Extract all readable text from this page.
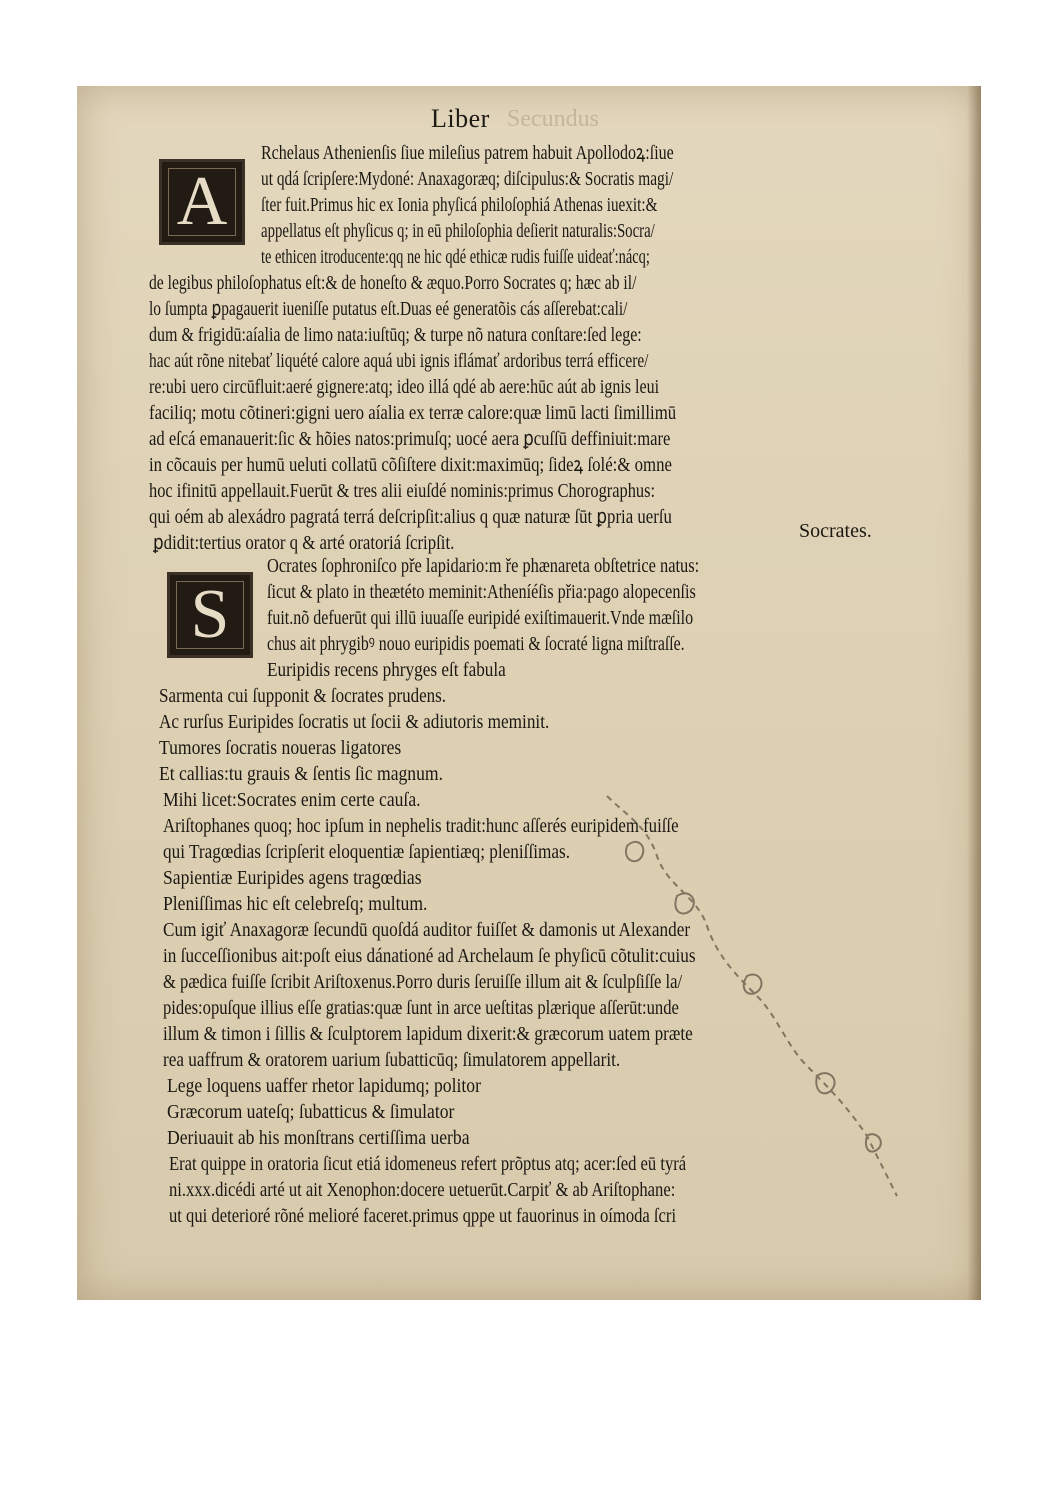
Liber Secundus
A
S
Rchelaus Athenienſis ſiue mileſius patrem habuit Apollodoꝝ:ſiue
ut qdá ſcripſere:Mydoné: Anaxagoræq; diſcipulus:& Socratis magi/
ſter fuit.Primus hic ex Ionia phyſicá philoſophiá Athenas iuexit:&
appellatus eſt phyſicus q; in eū philoſophia deſierit naturalis:Socra/
te ethicen itroducente:qq ne hic qdé ethicæ rudis fuiſſe uideať:nácq;
de legibus philoſophatus eſt:& de honeſto & æquo.Porro Socrates q; hæc ab il/
lo ſumpta ꝑpagauerit iueniſſe putatus eſt.Duas eé generatõis cás aſſerebat:cali/
dum & frigidū:aíalia de limo nata:iuſtūq; & turpe nõ natura conſtare:ſed lege:
hac aút rõne nitebať liquété calore aquá ubi ignis iflámať ardoribus terrá efficere/
re:ubi uero circūfluit:aeré gignere:atq; ideo illá qdé ab aere:hūc aút ab ignis leui
faciliq; motu cõtineri:gigni uero aíalia ex terræ calore:quæ limū lacti ſimillimū
ad eſcá emanauerit:ſic & hõies natos:primuſq; uocé aera ꝑcuſſū deffiniuit:mare
in cõcauis per humū ueluti collatū cõſiſtere dixit:maximūq; ſideꝝ ſolé:& omne
hoc ifinitū appellauit.Fuerūt & tres alii eiuſdé nominis:primus Chorographus:
qui oém ab alexádro pagratá terrá deſcripſit:alius q quæ naturæ ſūt ꝑpria uerſu
ꝑdidit:tertius orator q & arté oratoriá ſcripſit.
Socrates.
Ocrates ſophroniſco pře lapidario:m ře phænareta obſtetrice natus:
ſicut & plato in theætéto meminit:Atheníéſis přia:pago alopecenſis
fuit.nõ defuerūt qui illū iuuaſſe euripidé exiſtimauerit.Vnde mæſilo
chus ait phrygibꝰ nouo euripidis poemati & ſocraté ligna miſtraſſe.
Euripidis recens phryges eſt fabula
Sarmenta cui ſupponit & ſocrates prudens.
Ac rurſus Euripides ſocratis ut ſocii & adiutoris meminit.
Tumores ſocratis noueras ligatores
Et callias:tu grauis & ſentis ſic magnum.
Mihi licet:Socrates enim certe cauſa.
Ariſtophanes quoq; hoc ipſum in nephelis tradit:hunc aſſerés euripidem fuiſſe
qui Tragœdias ſcripſerit eloquentiæ ſapientiæq; pleniſſimas.
Sapientiæ Euripides agens tragœdias
Pleniſſimas hic eſt celebreſq; multum.
Cum igiť Anaxagoræ ſecundū quoſdá auditor fuiſſet & damonis ut Alexander
in ſucceſſionibus ait:poſt eius dánationé ad Archelaum ſe phyſicū cõtulit:cuius
& pædica fuiſſe ſcribit Ariſtoxenus.Porro duris ſeruiſſe illum ait & ſculpſiſſe la/
pides:opuſque illius eſſe gratias:quæ ſunt in arce ueſtitas plærique aſſerūt:unde
illum & timon i ſillis & ſculptorem lapidum dixerit:& græcorum uatem præte
rea uaffrum & oratorem uarium ſubatticūq; ſimulatorem appellarit.
Lege loquens uaffer rhetor lapidumq; politor
Græcorum uateſq; ſubatticus & ſimulator
Deriuauit ab his monſtrans certiſſima uerba
Erat quippe in oratoria ſicut etiá idomeneus refert prõptus atq; acer:ſed eū tyrá
ni.xxx.dicédi arté ut ait Xenophon:docere uetuerūt.Carpiť & ab Ariſtophane:
ut qui deterioré rõné melioré faceret.primus qppe ut fauorinus in oímoda ſcri
